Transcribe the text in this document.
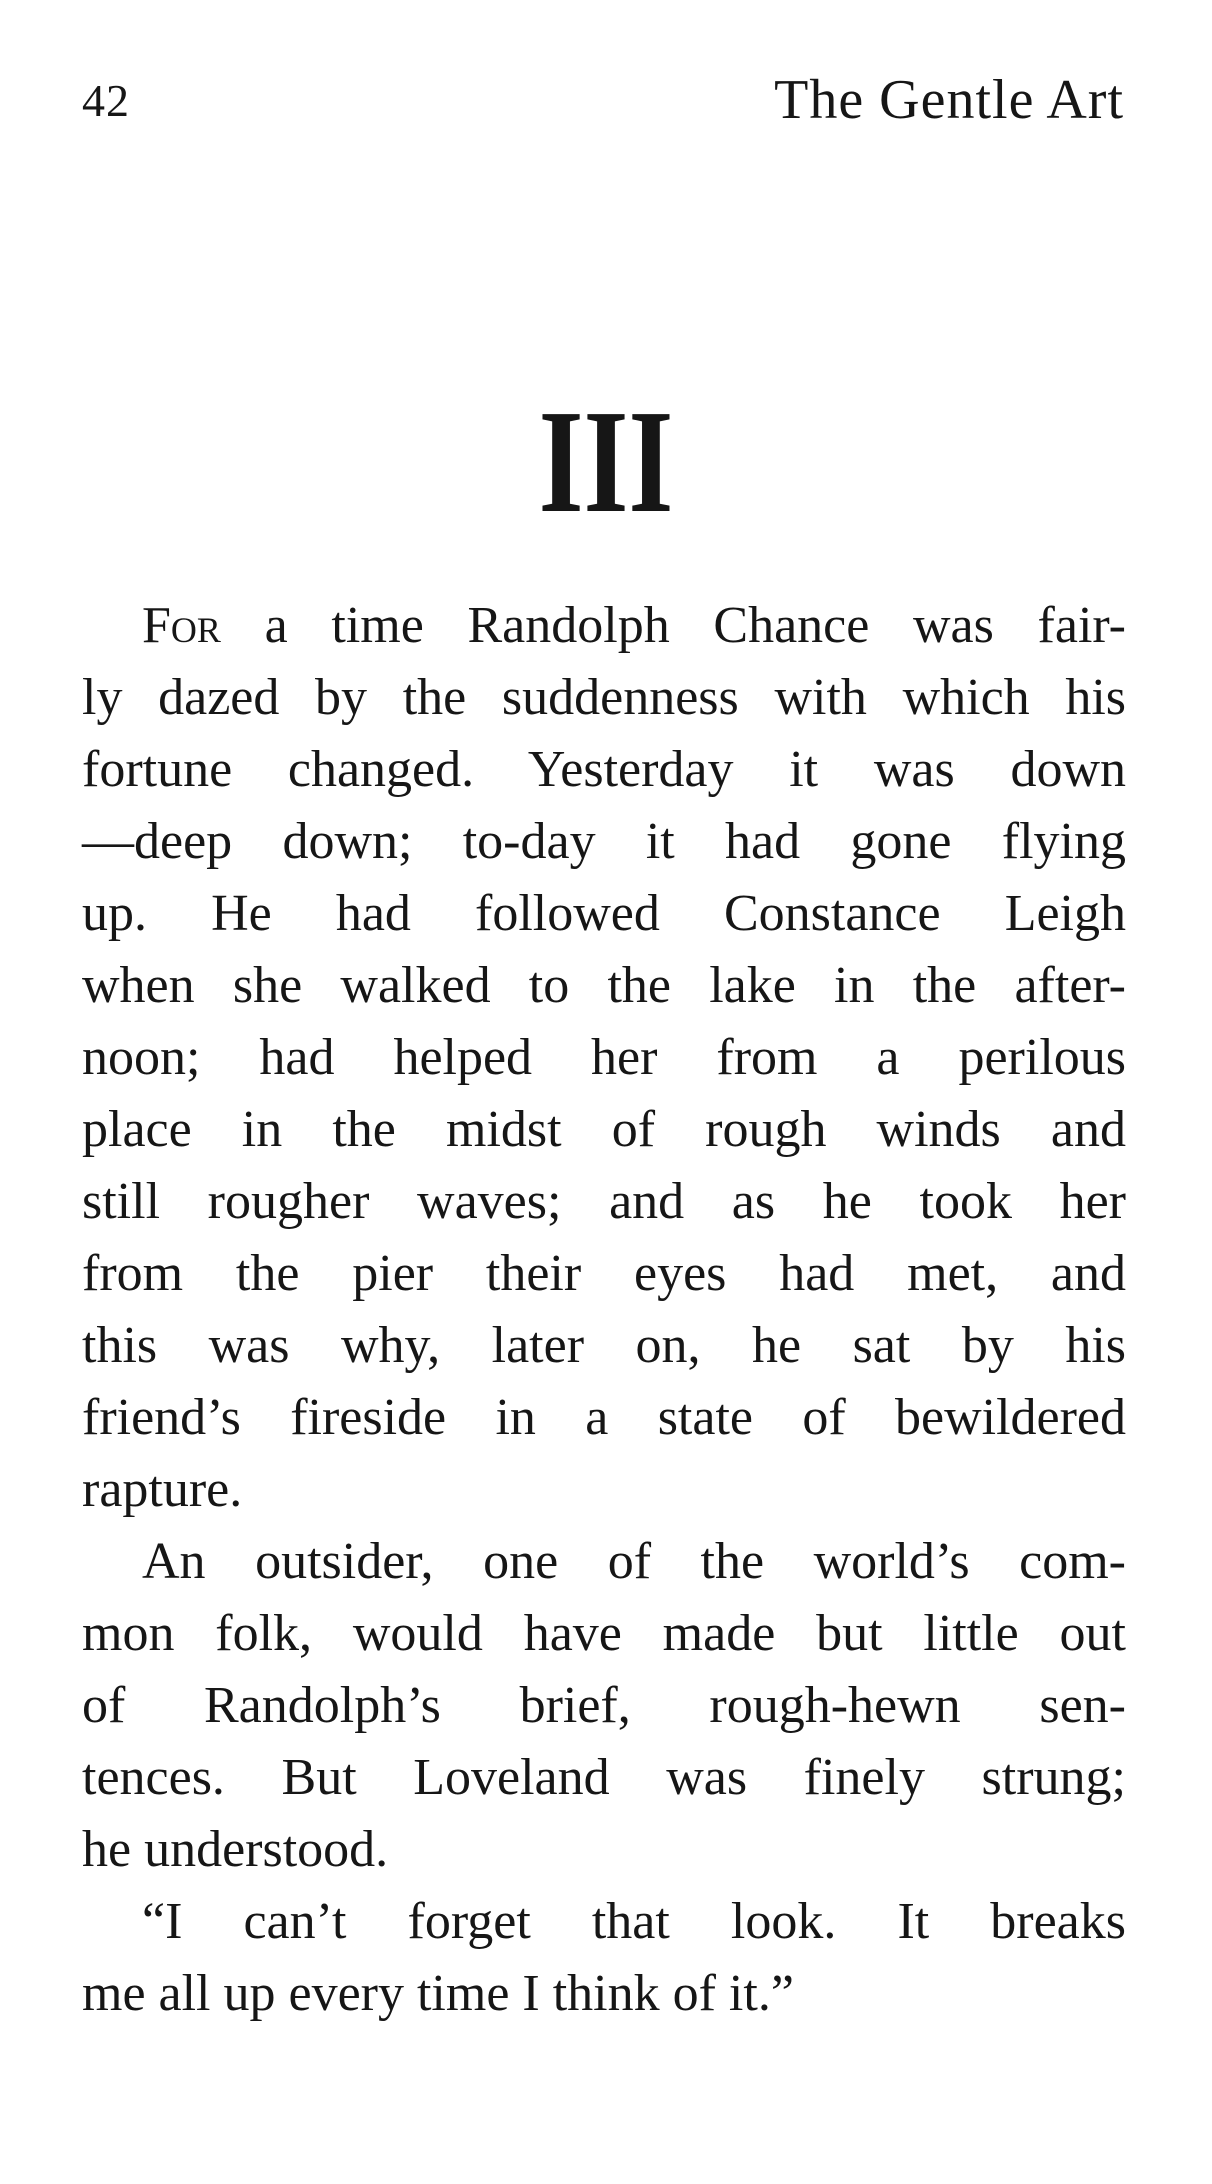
42	The Gentle Art
III
For a time Randolph Chance was fair-
ly dazed by the suddenness with which his
fortune changed. Yesterday it was down
—deep down; to-day it had gone flying
up. He had followed Constance Leigh
when she walked to the lake in the after-
noon; had helped her from a perilous
place in the midst of rough winds and
still rougher waves; and as he took her
from the pier their eyes had met, and
this was why, later on, he sat by his
friend’s fireside in a state of bewildered
rapture.
An outsider, one of the world’s com-
mon folk, would have made but little out
of Randolph’s brief, rough-hewn sen-
tences. But Loveland was finely strung;
he understood.
“I can’t forget that look. It breaks
me all up every time I think of it.”
